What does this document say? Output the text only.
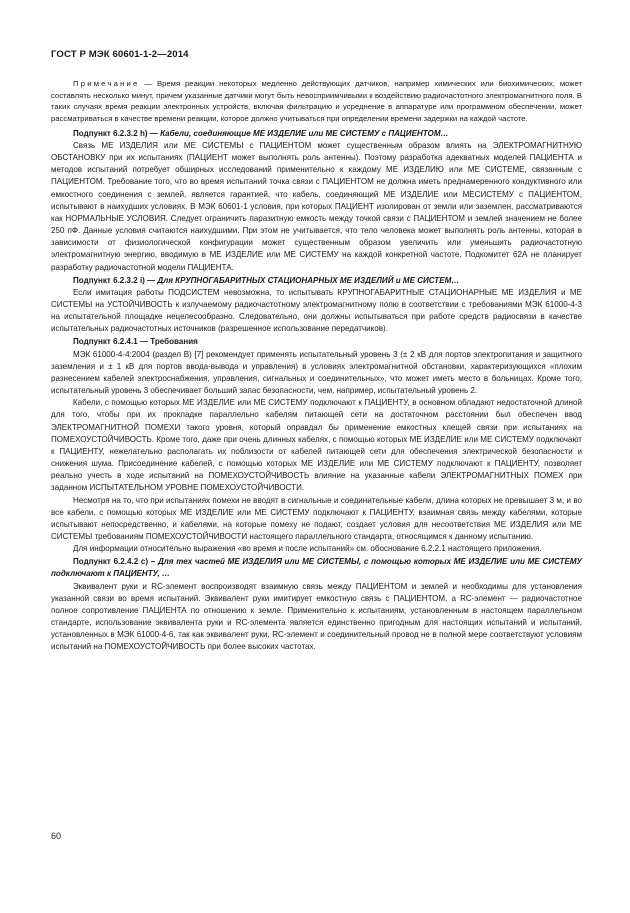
ГОСТ Р МЭК 60601-1-2—2014

Примечание — Время реакции некоторых медленно действующих датчиков, например химических или биохимических, может составлять несколько минут, причем указанные датчики могут быть невосприимчивыми к воздействию радиочастотного электромагнитного поля. В таких случаях время реакции электронных устройств, включая фильтрацию и усреднение в аппаратуре или программном обеспечении, может рассматриваться в качестве времени реакции, которое должно учитываться при определении времени задержки на каждой частоте.

Подпункт 6.2.3.2 h) — Кабели, соединяющие МЕ ИЗДЕЛИЕ или МЕ СИСТЕМУ с ПАЦИЕНТОМ…

Связь МЕ ИЗДЕЛИЯ или МЕ СИСТЕМЫ с ПАЦИЕНТОМ может существенным образом влиять на ЭЛЕКТРОМАГНИТНУЮ ОБСТАНОВКУ при их испытаниях (ПАЦИЕНТ может выполнять роль антенны). Поэтому разработка адекватных моделей ПАЦИЕНТА и методов испытаний потребует обширных исследований применительно к каждому МЕ ИЗДЕЛИЮ или МЕ СИСТЕМЕ, связанным с ПАЦИЕНТОМ. Требование того, что во время испытаний точка связи с ПАЦИЕНТОМ не должна иметь преднамеренного кондуктивного или емкостного соединения с землей, является гарантией, что кабель, соединяющий МЕ ИЗДЕЛИЕ или МЕСИСТЕМУ с ПАЦИЕНТОМ, испытывают в наихудших условиях. В МЭК 60601-1 условия, при которых ПАЦИЕНТ изолирован от земли или заземлен, рассматриваются как НОРМАЛЬНЫЕ УСЛОВИЯ. Следует ограничить паразитную емкость между точкой связи с ПАЦИЕНТОМ и землей значением не более 250 пФ. Данные условия считаются наихудшими. При этом не учитывается, что тело человека может выполнять роль антенны, которая в зависимости от физиологической конфигурации может существенным образом увеличить или уменьшить радиочастотную электромагнитную энергию, вводимую в МЕ ИЗДЕЛИЕ или МЕ СИСТЕМУ на каждой конкретной частоте. Подкомитет 62А не планирует разработку радиочастотной модели ПАЦИЕНТА.

Подпункт 6.2.3.2 i) — Для КРУПНОГАБАРИТНЫХ СТАЦИОНАРНЫХ МЕ ИЗДЕЛИЙ и МЕ СИСТЕМ…

Если имитация работы ПОДСИСТЕМ невозможна, то испытывать КРУПНОГАБАРИТНЫЕ СТАЦИОНАРНЫЕ МЕ ИЗДЕЛИЯ и МЕ СИСТЕМЫ на УСТОЙЧИВОСТЬ к излучаемому радиочастотному электромагнитному полю в соответствии с требованиями МЭК 61000-4-3 на испытательной площадке нецелесообразно. Следовательно, они должны испытываться при работе средств радиосвязи в качестве испытательных радиочастотных источников (разрешенное использование передатчиков).

Подпункт 6.2.4.1 — Требования

МЭК 61000-4-4:2004 (раздел В) [7] рекомендует применять испытательный уровень 3 (± 2 кВ для портов электропитания и защитного заземления и ± 1 кВ для портов ввода-вывода и управления) в условиях электромагнитной обстановки, характеризующихся «плохим разнесением кабелей электроснабжения, управления, сигнальных и соединительных», что может иметь место в больницах. Кроме того, испытательный уровень 3 обеспечивает больший запас безопасности, чем, например, испытательный уровень 2.

Кабели, с помощью которых МЕ ИЗДЕЛИЕ или МЕ СИСТЕМУ подключают к ПАЦИЕНТУ, в основном обладают недостаточной длиной для того, чтобы при их прокладке параллельно кабелям питающей сети на достаточном расстоянии был обеспечен ввод ЭЛЕКТРОМАГНИТНОЙ ПОМЕХИ такого уровня, который оправдал бы применение емкостных клещей связи при испытаниях на ПОМЕХОУСТОЙЧИВОСТЬ. Кроме того, даже при очень длинных кабелях, с помощью которых МЕ ИЗДЕЛИЕ или МЕ СИСТЕМУ подключают к ПАЦИЕНТУ, нежелательно располагать их поблизости от кабелей питающей сети для обеспечения электрической безопасности и снижения шума. Присоединение кабелей, с помощью которых МЕ ИЗДЕЛИЕ или МЕ СИСТЕМУ подключают к ПАЦИЕНТУ, позволяет реально учесть в ходе испытаний на ПОМЕХОУСТОЙЧИВОСТЬ влияние на указанные кабели ЭЛЕКТРОМАГНИТНЫХ ПОМЕХ при заданном ИСПЫТАТЕЛЬНОМ УРОВНЕ ПОМЕХОУСТОЙЧИВОСТИ.

Несмотря на то, что при испытаниях помехи не вводят в сигнальные и соединительные кабели, длина которых не превышает 3 м, и во все кабели, с помощью которых МЕ ИЗДЕЛИЕ или МЕ СИСТЕМУ подключают к ПАЦИЕНТУ, взаимная связь между кабелями, которые испытывают непосредственно, и кабелями, на которые помеху не подают, создает условия для несоответствия МЕ ИЗДЕЛИЯ или МЕ СИСТЕМЫ требованиям ПОМЕХОУСТОЙЧИВОСТИ настоящего параллельного стандарта, относящимся к данному испытанию.

Для информации относительно выражения «во время и после испытаний» см. обоснование 6.2.2.1 настоящего приложения.

Подпункт 6.2.4.2 c) – Для тех частей МЕ ИЗДЕЛИЯ или МЕ СИСТЕМЫ, с помощью которых МЕ ИЗДЕЛИЕ или МЕ СИСТЕМУ подключают к ПАЦИЕНТУ, …

Эквивалент руки и RC-элемент воспроизводят взаимную связь между ПАЦИЕНТОМ и землей и необходимы для установления указанной связи во время испытаний. Эквивалент руки имитирует емкостную связь с ПАЦИЕНТОМ, а RC-элемент — радиочастотное полное сопротивление ПАЦИЕНТА по отношению к земле. Применительно к испытаниям, установленным в настоящем параллельном стандарте, использование эквивалента руки и RC-элемента является единственно пригодным для настоящих испытаний и испытаний, установленных в МЭК 61000-4-6, так как эквивалент руки, RC-элемент и соединительный провод не в полной мере соответствуют условиям испытаний на ПОМЕХОУСТОЙЧИВОСТЬ при более высоких частотах.

60
